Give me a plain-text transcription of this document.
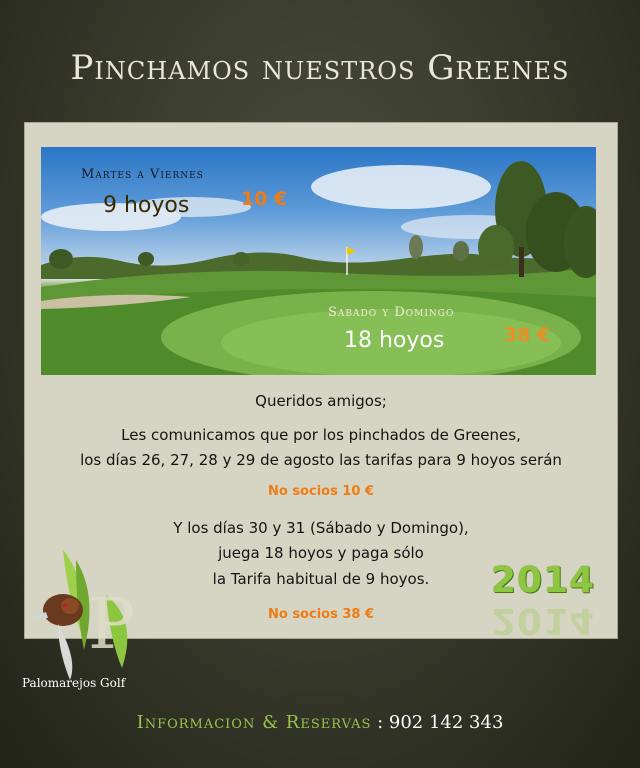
Pinchamos nuestros Greenes
Martes a Viernes
9 hoyos	10 €
Sabado y Domingo
18 hoyos	38 €
Queridos amigos;
Les comunicamos que por los pinchados de Greenes,
los días 26, 27, 28 y 29 de agosto las tarifas para 9 hoyos serán
No socios 10 €
Y los días 30 y 31 (Sábado y Domingo),
juega 18 hoyos y paga sólo
la Tarifa habitual de 9 hoyos.
No socios 38 €
2014
2014
P
Palomarejos Golf
Informacion & Reservas : 902 142 343
